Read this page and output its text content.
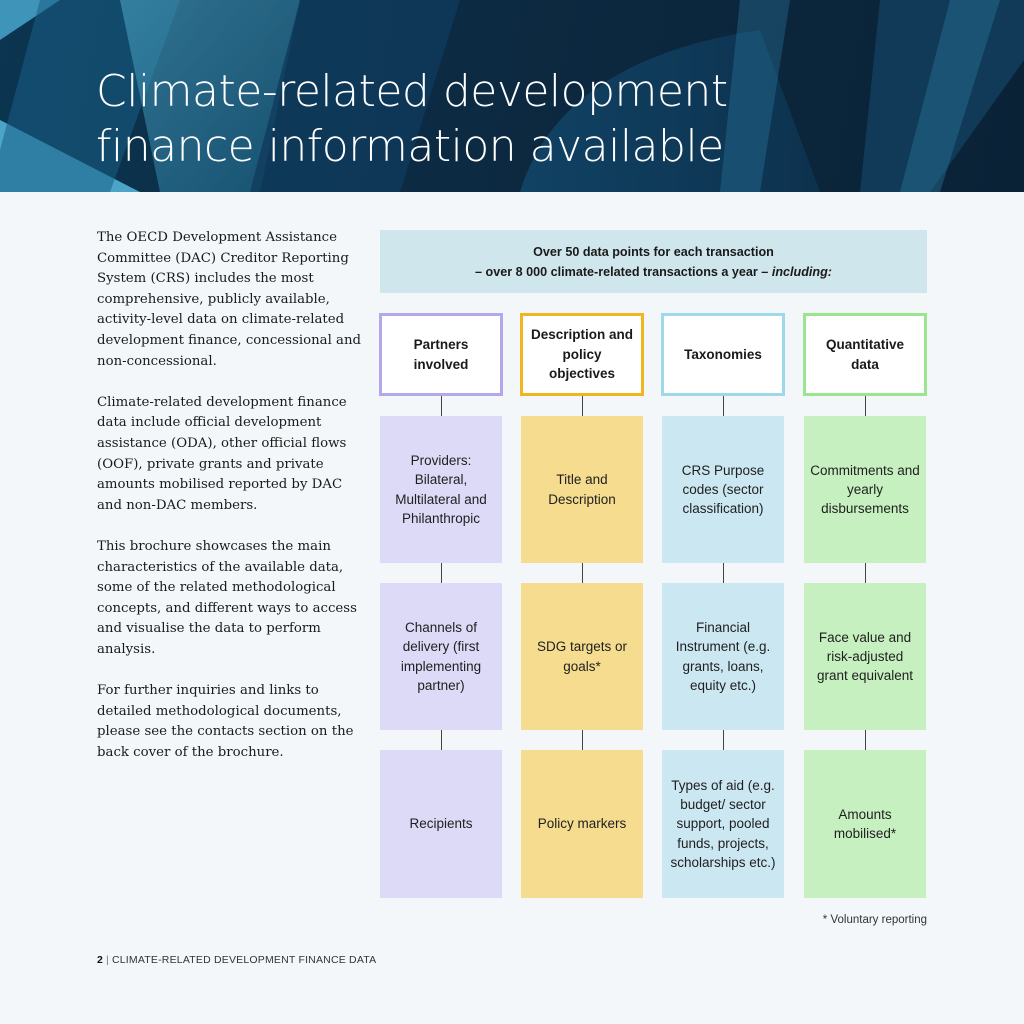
Climate-related development
finance information available

The OECD Development Assistance Committee (DAC) Creditor Reporting System (CRS) includes the most comprehensive, publicly available, activity-level data on climate-related development finance, concessional and non-concessional.

Climate-related development finance data include official development assistance (ODA), other official flows (OOF), private grants and private amounts mobilised reported by DAC and non-DAC members.

This brochure showcases the main characteristics of the available data, some of the related methodological concepts, and different ways to access and visualise the data to perform analysis.

For further inquiries and links to detailed methodological documents, please see the contacts section on the back cover of the brochure.

Over 50 data points for each transaction
– over 8 000 climate-related transactions a year – including:
Partners involved
Providers: Bilateral, Multilateral and Philanthropic
Channels of delivery (first implementing partner)
Recipients
Description and policy objectives
Title and Description
SDG targets or goals*
Policy markers
Taxonomies
CRS Purpose codes (sector classification)
Financial Instrument (e.g. grants, loans, equity etc.)
Types of aid (e.g. budget/ sector support, pooled funds, projects, scholarships etc.)
Quantitative data
Commitments and yearly disbursements
Face value and risk-adjusted grant equivalent
Amounts mobilised*
* Voluntary reporting
2 | CLIMATE-RELATED DEVELOPMENT FINANCE DATA
